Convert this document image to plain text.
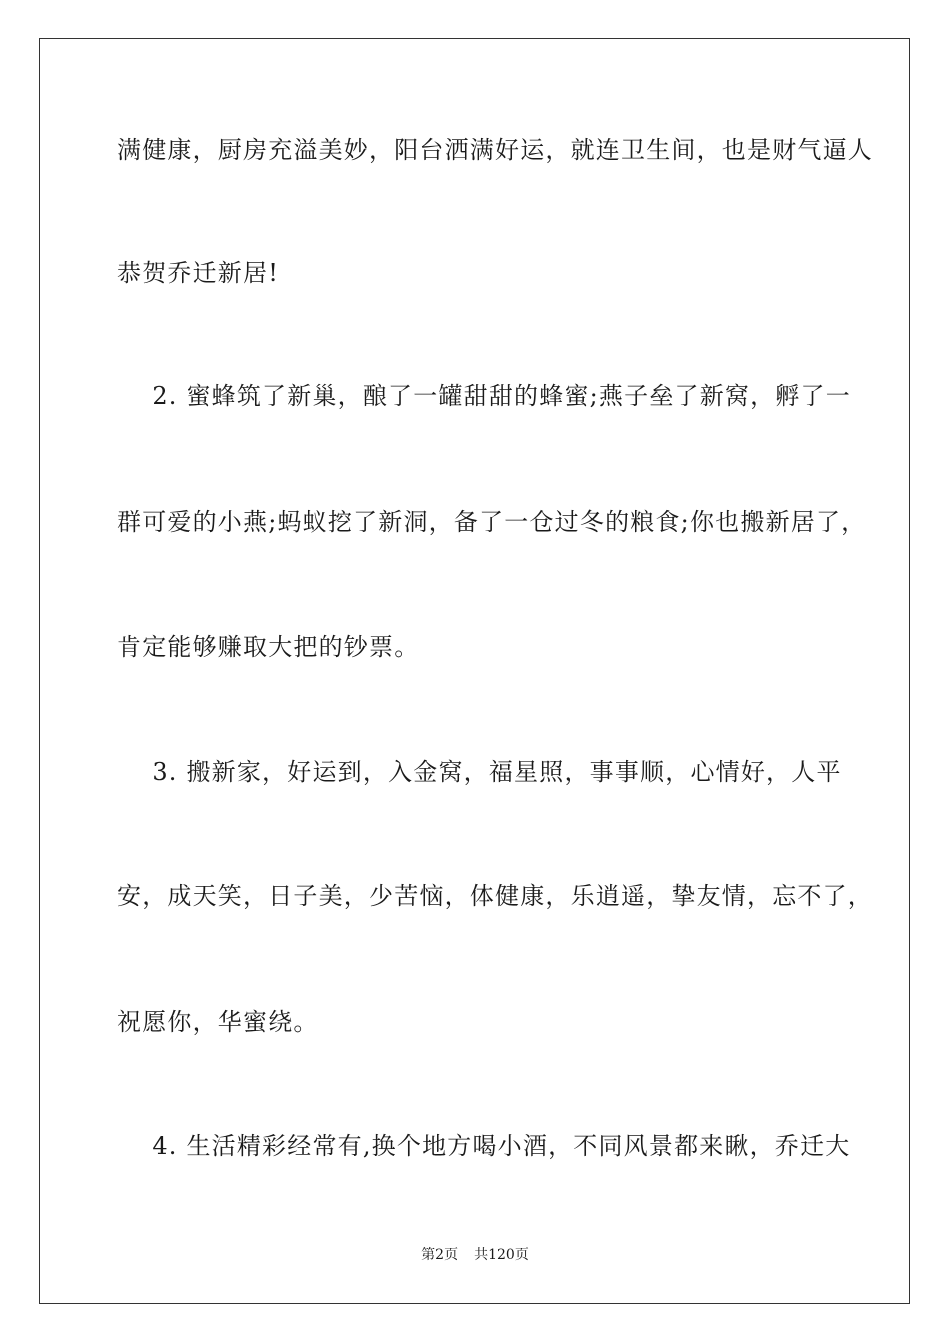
满健康，厨房充溢美妙，阳台洒满好运，就连卫生间，也是财气逼人
恭贺乔迁新居!
2. 蜜蜂筑了新巢，酿了一罐甜甜的蜂蜜;燕子垒了新窝，孵了一
群可爱的小燕;蚂蚁挖了新洞，备了一仓过冬的粮食;你也搬新居了，
肯定能够赚取大把的钞票。
3. 搬新家，好运到，入金窝，福星照，事事顺，心情好，人平
安，成天笑，日子美，少苦恼，体健康，乐逍遥，挚友情，忘不了，
祝愿你，华蜜绕。
4. 生活精彩经常有,换个地方喝小酒，不同风景都来瞅，乔迁大
第2页 共120页
